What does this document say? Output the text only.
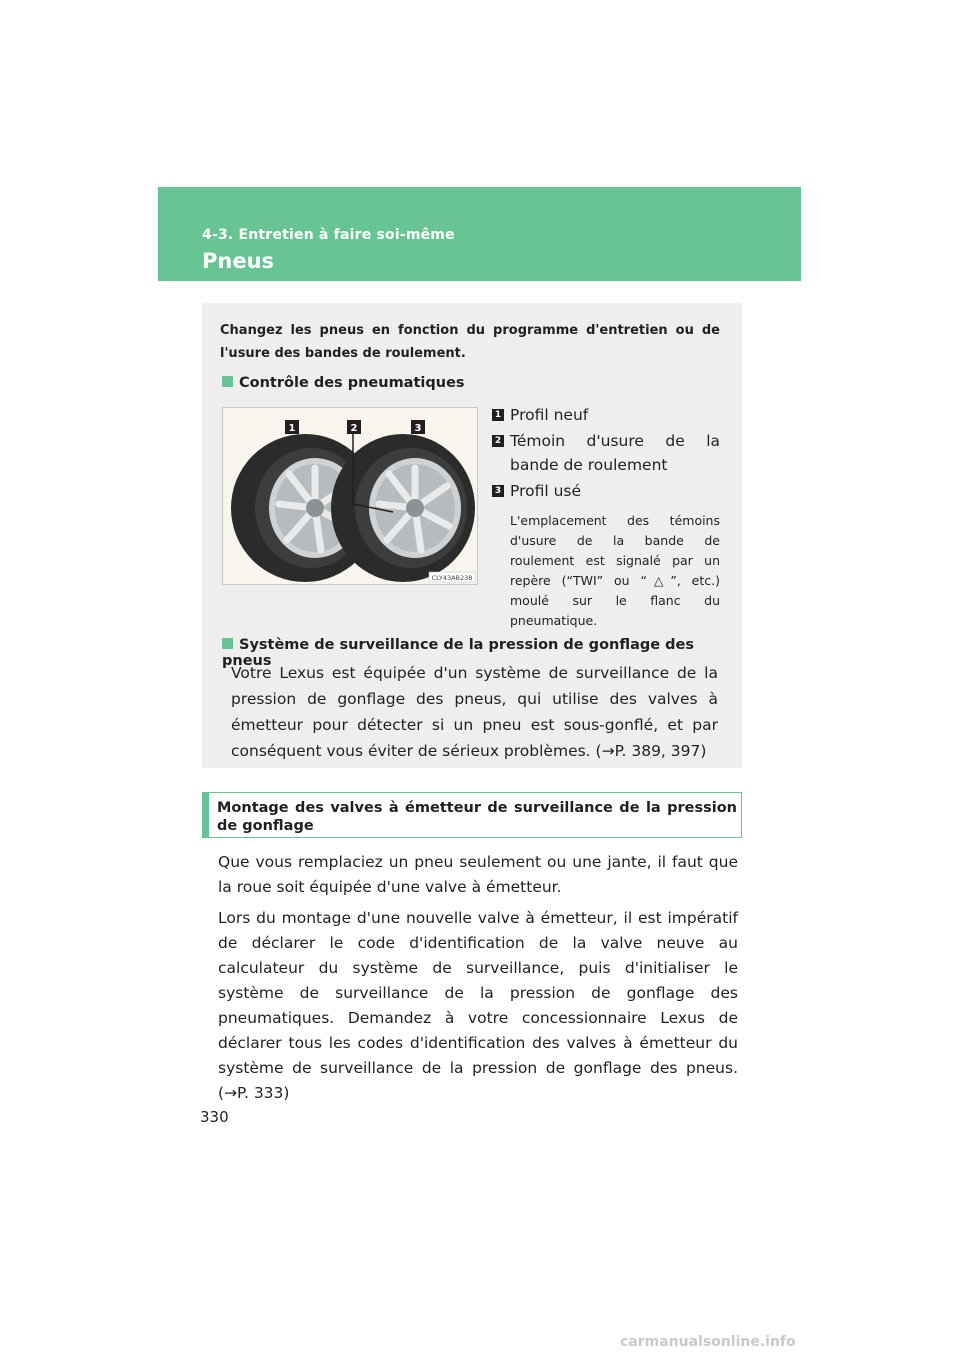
4-3. Entretien à faire soi-même
Pneus
Changez les pneus en fonction du programme d'entretien ou de l'usure des bandes de roulement.
Contrôle des pneumatiques
1	2	3
CLY43AB238
1 Profil neuf
2 Témoin d'usure de la bande de roulement
3 Profil usé
L'emplacement des témoins d'usure de la bande de roulement est signalé par un repère (“TWI” ou “△”, etc.) moulé sur le flanc du pneumatique.
Système de surveillance de la pression de gonflage des pneus
Votre Lexus est équipée d'un système de surveillance de la pression de gonflage des pneus, qui utilise des valves à émetteur pour détecter si un pneu est sous-gonflé, et par conséquent vous éviter de sérieux problèmes. (→P. 389, 397)
Montage des valves à émetteur de surveillance de la pression de gonflage
Que vous remplaciez un pneu seulement ou une jante, il faut que la roue soit équipée d'une valve à émetteur.
Lors du montage d'une nouvelle valve à émetteur, il est impératif de déclarer le code d'identification de la valve neuve au calculateur du système de surveillance, puis d'initialiser le système de surveillance de la pression de gonflage des pneumatiques. Demandez à votre concessionnaire Lexus de déclarer tous les codes d'identification des valves à émetteur du système de surveillance de la pression de gonflage des pneus. (→P. 333)
330
carmanualsonline.info
